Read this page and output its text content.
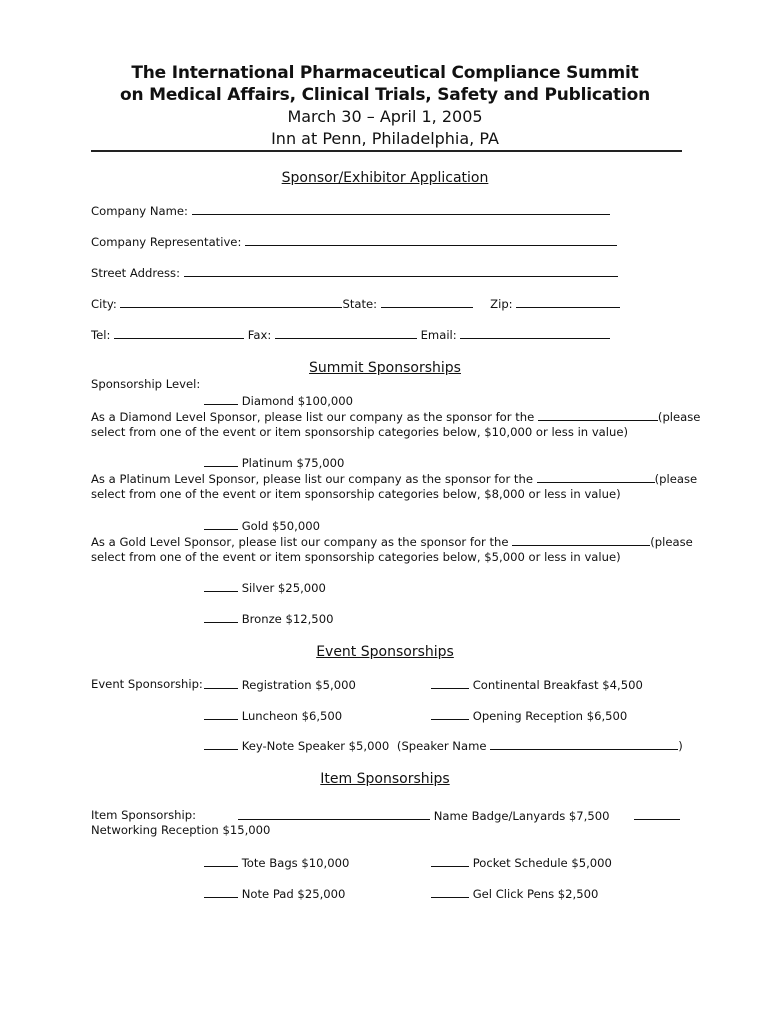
The International Pharmaceutical Compliance Summit
on Medical Affairs, Clinical Trials, Safety and Publication
March 30 – April 1, 2005
Inn at Penn, Philadelphia, PA
Sponsor/Exhibitor Application
Company Name:
Company Representative:
Street Address:
City:	State:	Zip:
Tel:	Fax:	Email:
Summit Sponsorships
Sponsorship Level:
Diamond $100,000
As a Diamond Level Sponsor, please list our company as the sponsor for the	(please
select from one of the event or item sponsorship categories below, $10,000 or less in value)
Platinum $75,000
As a Platinum Level Sponsor, please list our company as the sponsor for the	(please
select from one of the event or item sponsorship categories below, $8,000 or less in value)
Gold $50,000
As a Gold Level Sponsor, please list our company as the sponsor for the	(please
select from one of the event or item sponsorship categories below, $5,000 or less in value)
Silver $25,000
Bronze $12,500
Event Sponsorships
Event Sponsorship:	Registration $5,000	Continental Breakfast $4,500
Luncheon $6,500	Opening Reception $6,500
Key-Note Speaker $5,000 (Speaker Name	)
Item Sponsorships
Item Sponsorship:	Name Badge/Lanyards $7,500
Networking Reception $15,000
Tote Bags $10,000	Pocket Schedule $5,000
Note Pad $25,000	Gel Click Pens $2,500
